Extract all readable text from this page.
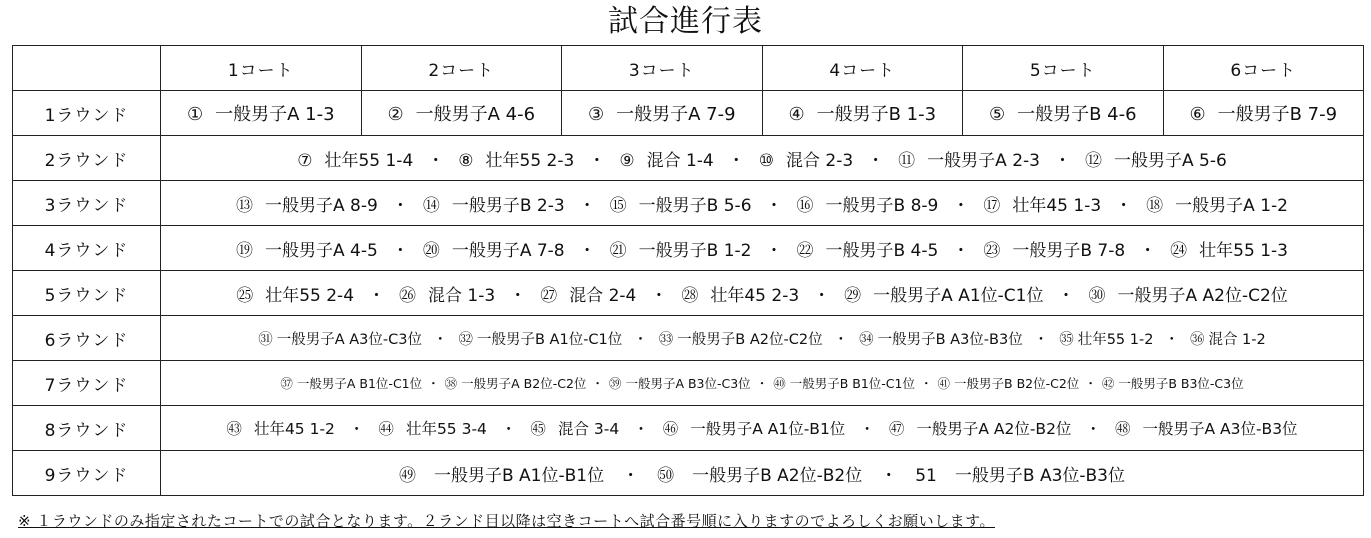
試合進行表
	1コート	2コート	3コート	4コート	5コート	6コート
1ラウンド	① 一般男子A 1-3	② 一般男子A 4-6	③ 一般男子A 7-9	④ 一般男子B 1-3	⑤ 一般男子B 4-6	⑥ 一般男子B 7-9
2ラウンド	⑦ 壮年55 1-4 ・ ⑧ 壮年55 2-3 ・ ⑨ 混合 1-4 ・ ⑩ 混合 2-3 ・ ⑪ 一般男子A 2-3 ・ ⑫ 一般男子A 5-6					
3ラウンド	⑬ 一般男子A 8-9 ・ ⑭ 一般男子B 2-3 ・ ⑮ 一般男子B 5-6 ・ ⑯ 一般男子B 8-9 ・ ⑰ 壮年45 1-3 ・ ⑱ 一般男子A 1-2					
4ラウンド	⑲ 一般男子A 4-5 ・ ⑳ 一般男子A 7-8 ・ ㉑ 一般男子B 1-2 ・ ㉒ 一般男子B 4-5 ・ ㉓ 一般男子B 7-8 ・ ㉔ 壮年55 1-3					
5ラウンド	㉕ 壮年55 2-4 ・ ㉖ 混合 1-3 ・ ㉗ 混合 2-4 ・ ㉘ 壮年45 2-3 ・ ㉙ 一般男子A A1位-C1位 ・ ㉚ 一般男子A A2位-C2位					
6ラウンド	㉛ 一般男子A A3位-C3位 ・ ㉜ 一般男子B A1位-C1位 ・ ㉝ 一般男子B A2位-C2位 ・ ㉞ 一般男子B A3位-B3位 ・ ㉟ 壮年55 1-2 ・ ㊱ 混合 1-2					
7ラウンド	㊲ 一般男子A B1位-C1位 ・ ㊳ 一般男子A B2位-C2位 ・ ㊴ 一般男子A B3位-C3位 ・ ㊵ 一般男子B B1位-C1位 ・ ㊶ 一般男子B B2位-C2位 ・ ㊷ 一般男子B B3位-C3位					
8ラウンド	㊸ 壮年45 1-2 ・ ㊹ 壮年55 3-4 ・ ㊺ 混合 3-4 ・ ㊻ 一般男子A A1位-B1位 ・ ㊼ 一般男子A A2位-B2位 ・ ㊽ 一般男子A A3位-B3位					
9ラウンド	㊾ 一般男子B A1位-B1位 ・ ㊿ 一般男子B A2位-B2位 ・ 51 一般男子B A3位-B3位					
※ １ラウンドのみ指定されたコートでの試合となります。２ランド目以降は空きコートへ試合番号順に入りますのでよろしくお願いします。
